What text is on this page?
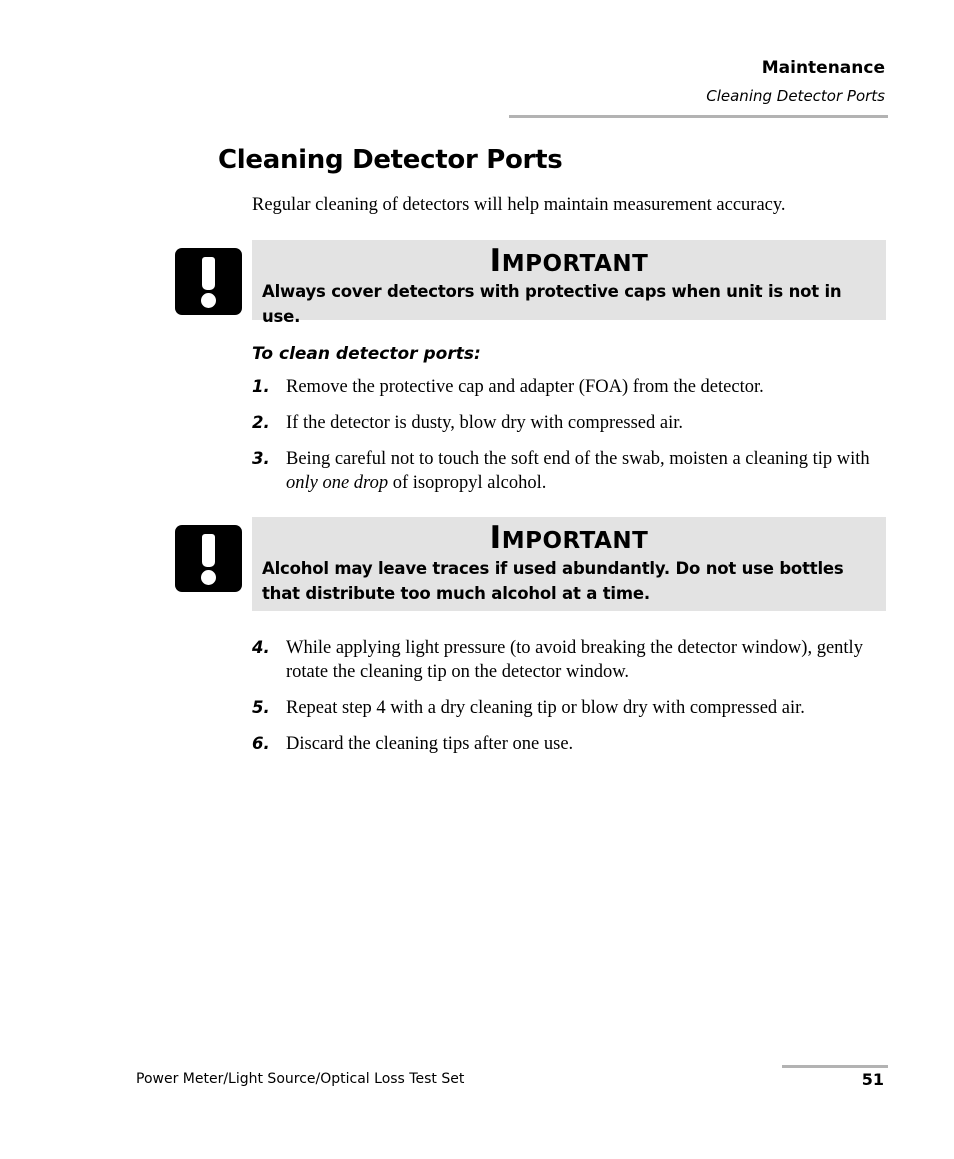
Maintenance
Cleaning Detector Ports
Cleaning Detector Ports

Regular cleaning of detectors will help maintain measurement accuracy.

IMPORTANT
Always cover detectors with protective caps when unit is not in use.

To clean detector ports:

1. Remove the protective cap and adapter (FOA) from the detector.
2. If the detector is dusty, blow dry with compressed air.
3. Being careful not to touch the soft end of the swab, moisten a cleaning tip with only one drop of isopropyl alcohol.
IMPORTANT
Alcohol may leave traces if used abundantly. Do not use bottles that distribute too much alcohol at a time.
4. While applying light pressure (to avoid breaking the detector window), gently rotate the cleaning tip on the detector window.
5. Repeat step 4 with a dry cleaning tip or blow dry with compressed air.
6. Discard the cleaning tips after one use.
Power Meter/Light Source/Optical Loss Test Set	51
